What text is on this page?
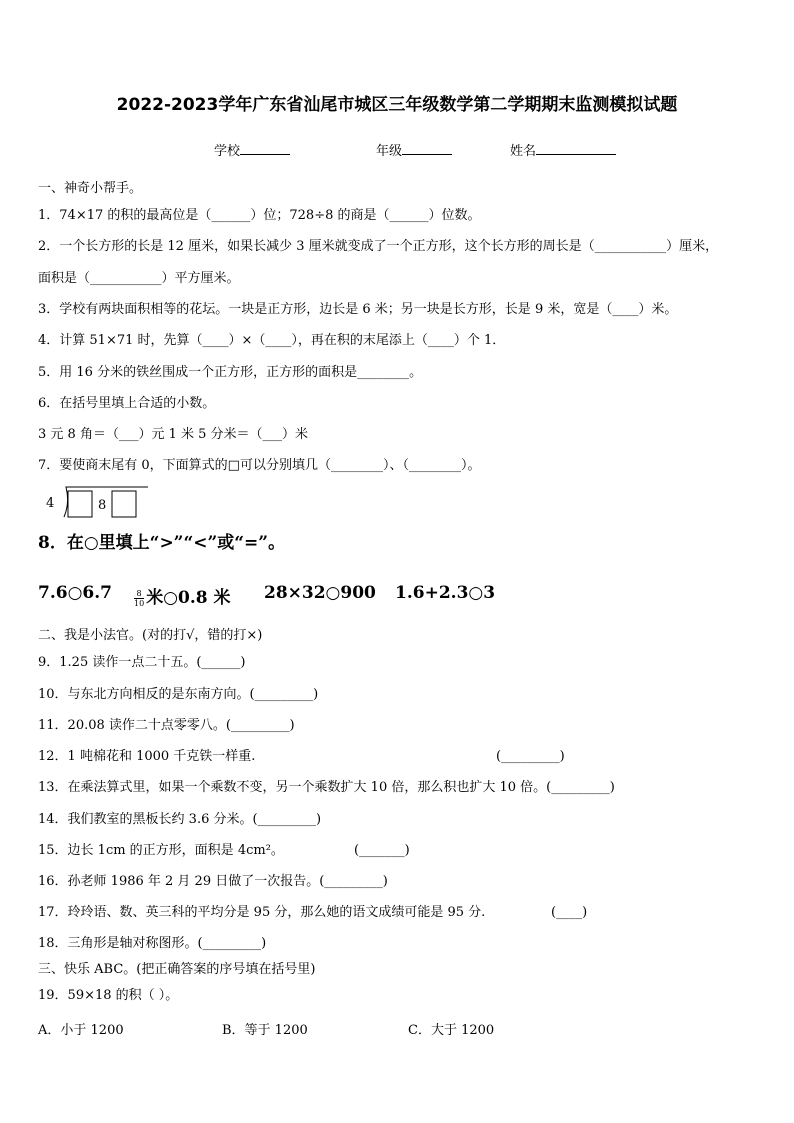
2022-2023学年广东省汕尾市城区三年级数学第二学期期末监测模拟试题
学校	年级	姓名
一、神奇小帮手。
1．74×17 的积的最高位是（______）位；728÷8 的商是（______）位数。
2．一个长方形的长是 12 厘米，如果长减少 3 厘米就变成了一个正方形，这个长方形的周长是（___________）厘米，
面积是（___________）平方厘米。
3．学校有两块面积相等的花坛。一块是正方形，边长是 6 米；另一块是长方形，长是 9 米，宽是（____）米。
4．计算 51×71 时，先算（____）×（____），再在积的末尾添上（____）个 1．
5．用 16 分米的铁丝围成一个正方形，正方形的面积是________。
6．在括号里填上合适的小数。
3 元 8 角＝（___）元 1 米 5 分米＝（___）米
7．要使商末尾有 0，下面算式的□可以分别填几（________）、（________）。
4	8
8．在○里填上“>”“<”或“=”。
7.6○6.7	$\frac{8}{10}$ 米○0.8 米 28×32○900 1.6+2.3○3
二、我是小法官。(对的打√，错的打×)
9．1.25 读作一点二十五。(______)
10．与东北方向相反的是东南方向。(_________)
11．20.08 读作二十点零零八。(_________)
12．1 吨棉花和 1000 千克铁一样重.	(_________)
13．在乘法算式里，如果一个乘数不变，另一个乘数扩大 10 倍，那么积也扩大 10 倍。(_________)
14．我们教室的黑板长约 3.6 分米。(_________)
15．边长 1cm 的正方形，面积是 4cm²。	(_______)
16．孙老师 1986 年 2 月 29 日做了一次报告。(_________)
17．玲玲语、数、英三科的平均分是 95 分，那么她的语文成绩可能是 95 分.	(____)
18．三角形是轴对称图形。(_________)
三、快乐 ABC。(把正确答案的序号填在括号里)
19．59×18 的积（ ）。
A．小于 1200	B．等于 1200	C．大于 1200
